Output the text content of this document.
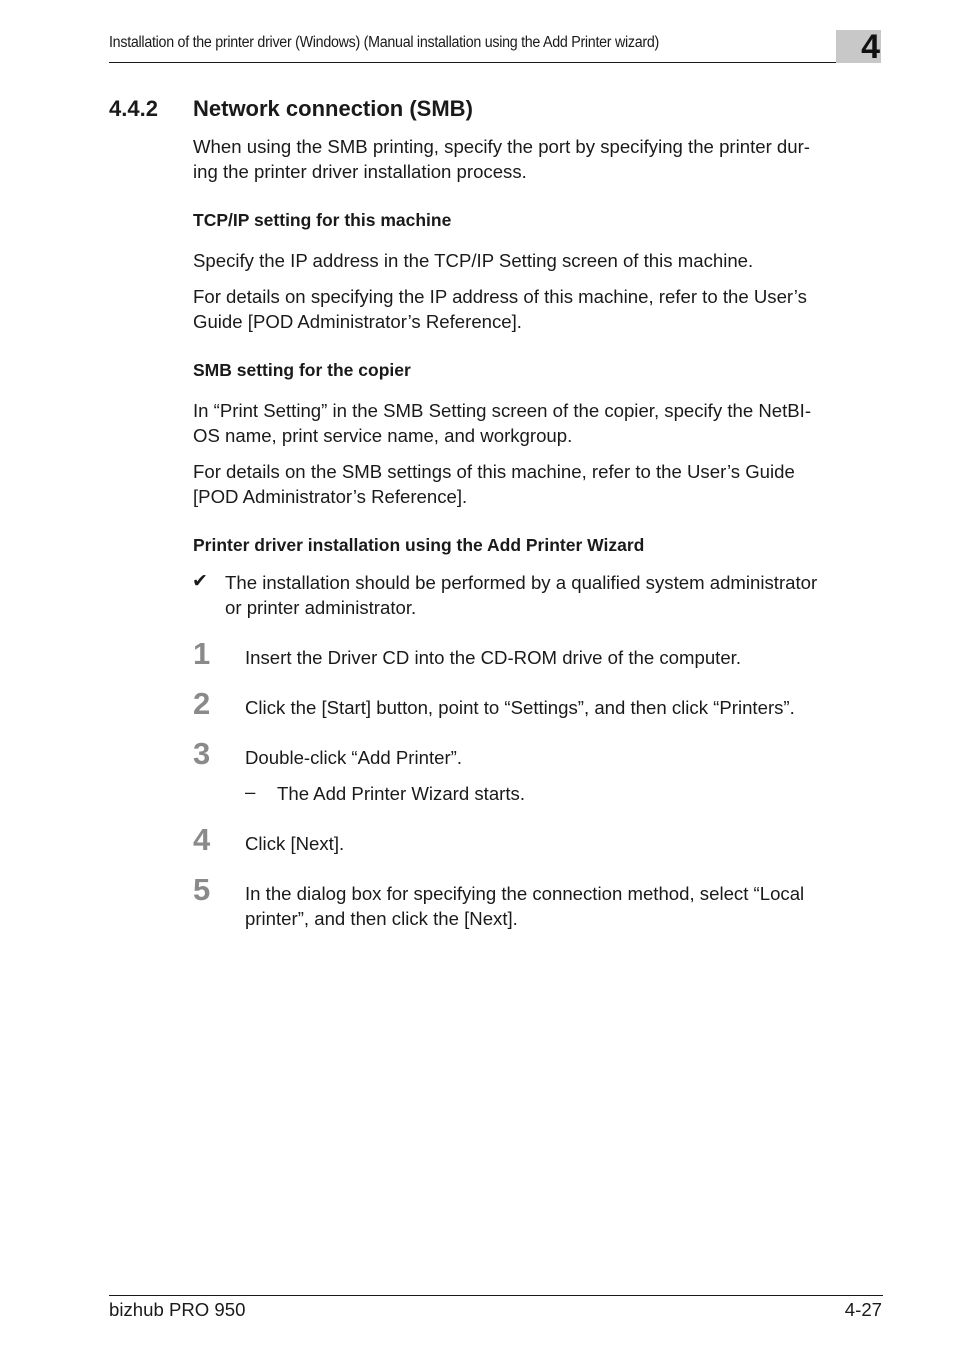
Installation of the printer driver (Windows) (Manual installation using the Add Printer wizard)	4
4.4.2 Network connection (SMB)
When using the SMB printing, specify the port by specifying the printer dur-
ing the printer driver installation process.
TCP/IP setting for this machine
Specify the IP address in the TCP/IP Setting screen of this machine.
For details on specifying the IP address of this machine, refer to the User’s
Guide [POD Administrator’s Reference].
SMB setting for the copier
In “Print Setting” in the SMB Setting screen of the copier, specify the NetBI-
OS name, print service name, and workgroup.
For details on the SMB settings of this machine, refer to the User’s Guide
[POD Administrator’s Reference].
Printer driver installation using the Add Printer Wizard
✔ The installation should be performed by a qualified system administrator
or printer administrator.
1 Insert the Driver CD into the CD-ROM drive of the computer.
2 Click the [Start] button, point to “Settings”, and then click “Printers”.
3 Double-click “Add Printer”.
– The Add Printer Wizard starts.
4 Click [Next].
5 In the dialog box for specifying the connection method, select “Local
printer”, and then click the [Next].
bizhub PRO 950	4-27
